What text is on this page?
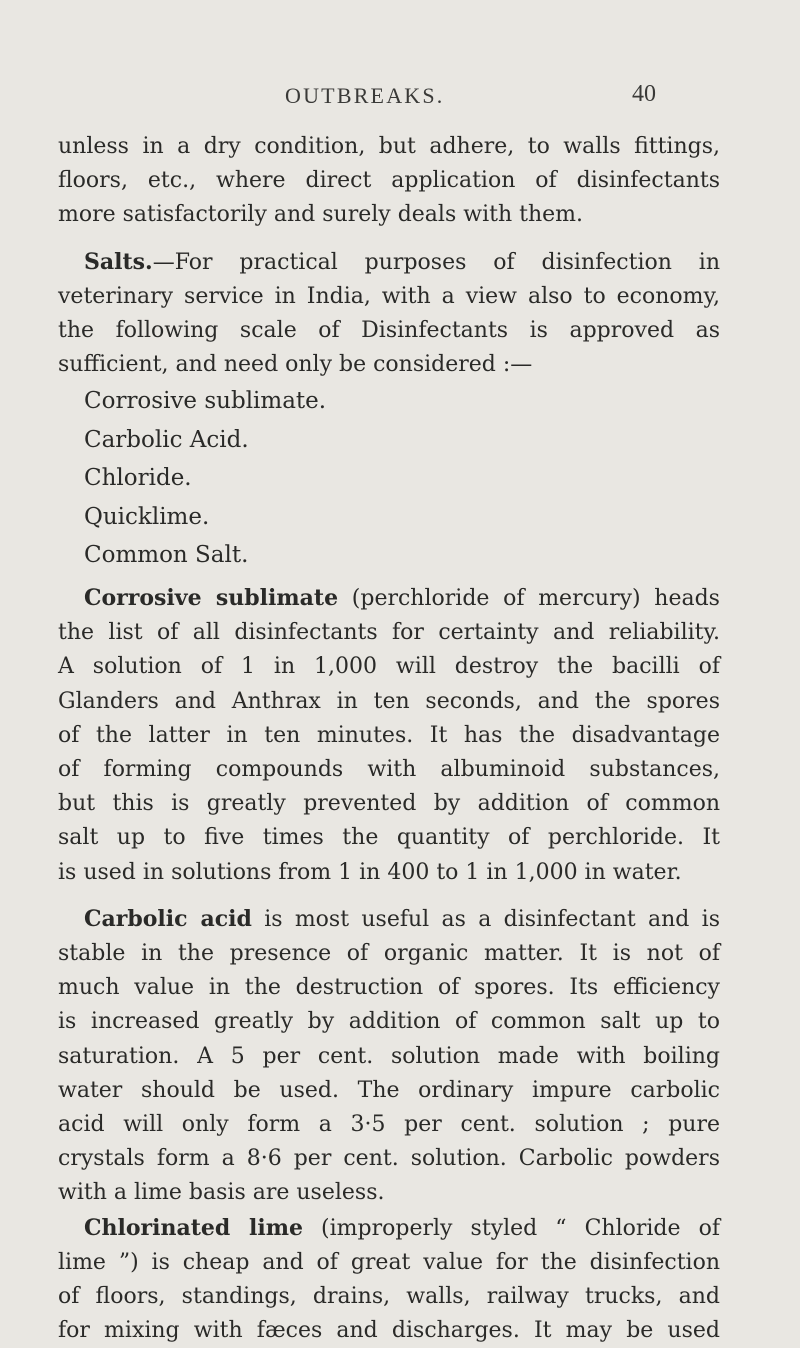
OUTBREAKS.	40
unless in a dry condition, but adhere, to walls fittings,
floors, etc., where direct application of disinfectants
more satisfactorily and surely deals with them.
Salts.—For practical purposes of disinfection in
veterinary service in India, with a view also to economy,
the following scale of Disinfectants is approved as
sufficient, and need only be considered :—
Corrosive sublimate.
Carbolic Acid.
Chloride.
Quicklime.
Common Salt.
Corrosive sublimate (perchloride of mercury) heads
the list of all disinfectants for certainty and reliability.
A solution of 1 in 1,000 will destroy the bacilli of
Glanders and Anthrax in ten seconds, and the spores
of the latter in ten minutes. It has the disadvantage
of forming compounds with albuminoid substances,
but this is greatly prevented by addition of common
salt up to five times the quantity of perchloride. It
is used in solutions from 1 in 400 to 1 in 1,000 in water.
Carbolic acid is most useful as a disinfectant and is
stable in the presence of organic matter. It is not of
much value in the destruction of spores. Its efficiency
is increased greatly by addition of common salt up to
saturation. A 5 per cent. solution made with boiling
water should be used. The ordinary impure carbolic
acid will only form a 3·5 per cent. solution ; pure
crystals form a 8·6 per cent. solution. Carbolic powders
with a lime basis are useless.
Chlorinated lime (improperly styled “ Chloride of
lime ”) is cheap and of great value for the disinfection
of floors, standings, drains, walls, railway trucks, and
for mixing with fæces and discharges. It may be used
